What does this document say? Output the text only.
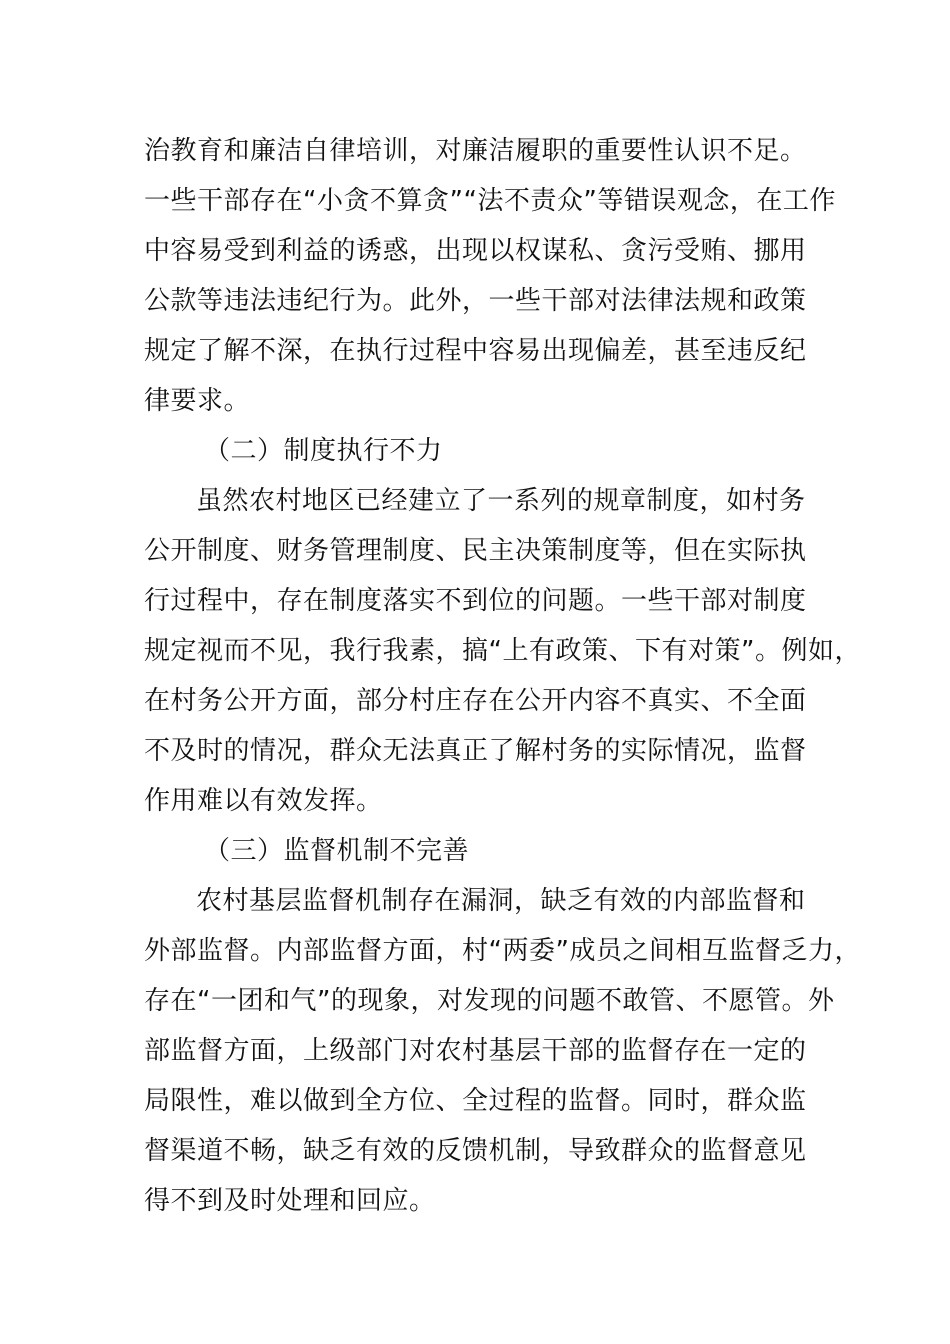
治教育和廉洁自律培训，对廉洁履职的重要性认识不足。
一些干部存在“小贪不算贪”“法不责众”等错误观念，在工作
中容易受到利益的诱惑，出现以权谋私、贪污受贿、挪用
公款等违法违纪行为。此外，一些干部对法律法规和政策
规定了解不深，在执行过程中容易出现偏差，甚至违反纪
律要求。
（二）制度执行不力
虽然农村地区已经建立了一系列的规章制度，如村务
公开制度、财务管理制度、民主决策制度等，但在实际执
行过程中，存在制度落实不到位的问题。一些干部对制度
规定视而不见，我行我素，搞“上有政策、下有对策”。例如，
在村务公开方面，部分村庄存在公开内容不真实、不全面
不及时的情况，群众无法真正了解村务的实际情况，监督
作用难以有效发挥。
（三）监督机制不完善
农村基层监督机制存在漏洞，缺乏有效的内部监督和
外部监督。内部监督方面，村“两委”成员之间相互监督乏力，
存在“一团和气”的现象，对发现的问题不敢管、不愿管。外
部监督方面，上级部门对农村基层干部的监督存在一定的
局限性，难以做到全方位、全过程的监督。同时，群众监
督渠道不畅，缺乏有效的反馈机制，导致群众的监督意见
得不到及时处理和回应。
